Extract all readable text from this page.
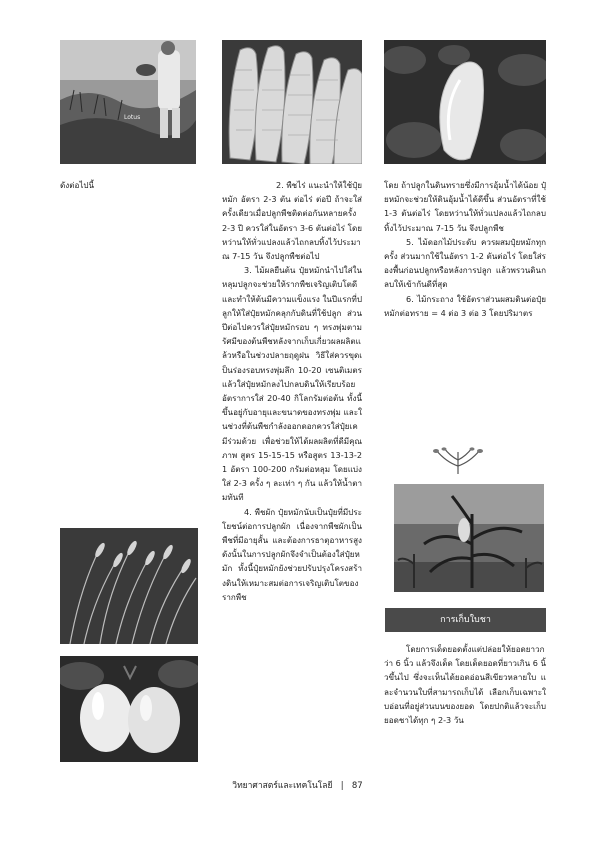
Lotus

ดังต่อไปนี้	2. พืชไร่ แนะนำให้ใช้ปุ๋ยหมัก อัตรา 2-3 ตัน ต่อไร่ ต่อปี ถ้าจะใส่ครั้งเดียวเมื่อปลูกพืชติดต่อกันหลายครั้ง 2-3 ปี ควรใส่ในอัตรา 3-6 ตันต่อไร่ โดยหว่านให้ทั่วแปลงแล้วไถกลบทิ้งไว้ประมาณ 7-15 วัน จึงปลูกพืชต่อไป

3. ไม้ผลยืนต้น ปุ๋ยหมักนำไปใส่ในหลุมปลูกจะช่วยให้รากพืชเจริญเติบโตดีและทำให้ต้นมีความแข็งแรง ในปีแรกที่ปลูกให้ใส่ปุ๋ยหมักคลุกกับดินที่ใช้ปลูก ส่วนปีต่อไปควรใส่ปุ๋ยหมักรอบ ๆ ทรงพุ่มตามรัศมีของต้นพืชหลังจากเก็บเกี่ยวผลผลิตแล้วหรือในช่วงปลายฤดูฝน วิธีใส่ควรขุดเป็นร่องรอบทรงพุ่มลึก 10-20 เซนติเมตร แล้วใส่ปุ๋ยหมักลงไปกลบดินให้เรียบร้อย อัตราการใส่ 20-40 กิโลกรัมต่อต้น ทั้งนี้ขึ้นอยู่กับอายุและขนาดของทรงพุ่ม และในช่วงที่ต้นพืชกำลังออกดอกควรใส่ปุ๋ยเคมีร่วมด้วย เพื่อช่วยให้ได้ผลผลิตที่ดีมีคุณภาพ สูตร 15-15-15 หรือสูตร 13-13-21 อัตรา 100-200 กรัมต่อหลุม โดยแบ่งใส่ 2-3 ครั้ง ๆ ละเท่า ๆ กัน แล้วให้น้ำตามทันที

4. พืชผัก ปุ๋ยหมักนับเป็นปุ๋ยที่มีประโยชน์ต่อการปลูกผัก เนื่องจากพืชผักเป็นพืชที่มีอายุสั้น และต้องการธาตุอาหารสูง ดังนั้นในการปลูกผักจึงจำเป็นต้องใส่ปุ๋ยหมัก ทั้งนี้ปุ๋ยหมักยังช่วยปรับปรุงโครงสร้างดินให้เหมาะสมต่อการเจริญเติบโตของรากพืช

โดย ถ้าปลูกในดินทรายซึ่งมีการอุ้มน้ำได้น้อย ปุ๋ยหมักจะช่วยให้ดินอุ้มน้ำได้ดีขึ้น ส่วนอัตราที่ใช้ 1-3 ตันต่อไร่ โดยหว่านให้ทั่วแปลงแล้วไถกลบทิ้งไว้ประมาณ 7-15 วัน จึงปลูกพืช

5. ไม้ดอกไม้ประดับ ควรผสมปุ๋ยหมักทุกครั้ง ส่วนมากใช้ในอัตรา 1-2 ตันต่อไร่ โดยใส่รองพื้นก่อนปลูกหรือหลังการปลูก แล้วพรวนดินกลบให้เข้ากันดีที่สุด

6. ไม้กระถาง ใช้อัตราส่วนผสมดินต่อปุ๋ยหมักต่อทราย = 4 ต่อ 3 ต่อ 3 โดยปริมาตร

การเก็บใบชา

โดยการเด็ดยอดตั้งแต่ปล่อยให้ยอดยาวกว่า 6 นิ้ว แล้วจึงเด็ด โดยเด็ดยอดที่ยาวเกิน 6 นิ้วขึ้นไป ซึ่งจะเห็นได้ยอดอ่อนสีเขียวหลายใบ และจำนวนใบที่สามารถเก็บได้ เลือกเก็บเฉพาะใบอ่อนที่อยู่ส่วนบนของยอด โดยปกติแล้วจะเก็บยอดชาได้ทุก ๆ 2-3 วัน

วิทยาศาสตร์และเทคโนโลยี | 87
